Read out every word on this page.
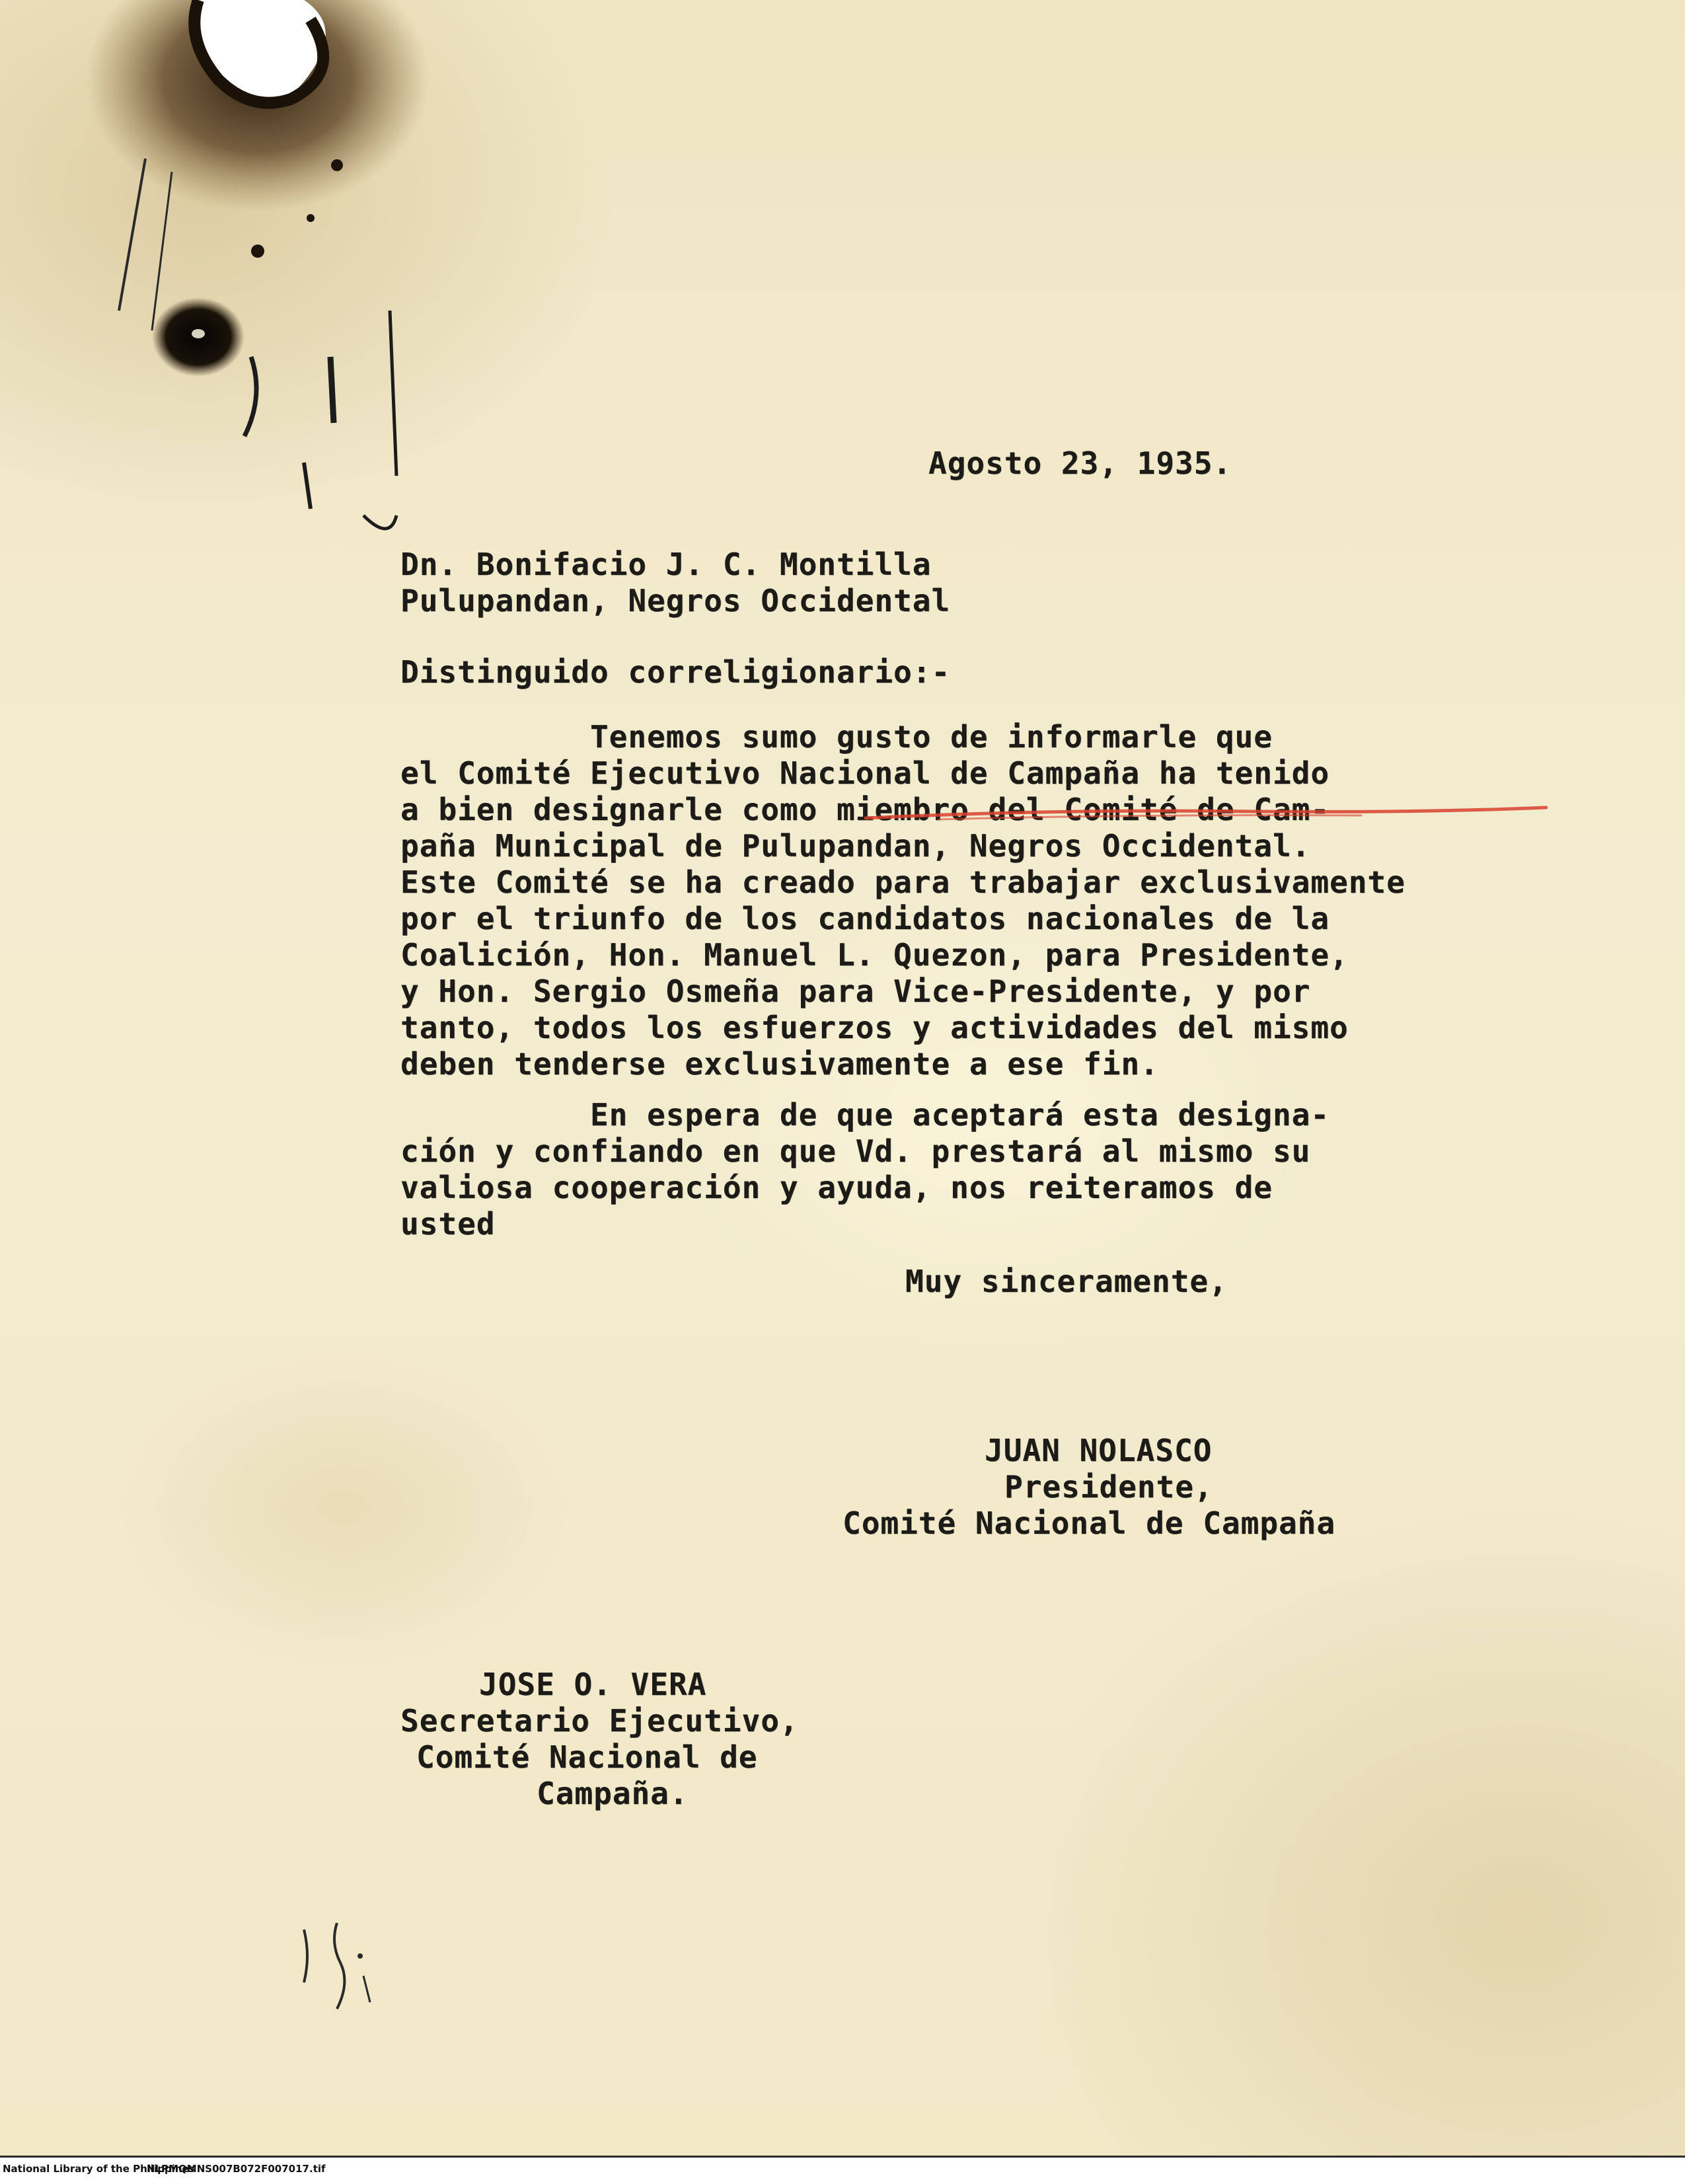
Agosto 23, 1935.
Dn. Bonifacio J. C. Montilla
Pulupandan, Negros Occidental
Distinguido correligionario:-
Tenemos sumo gusto de informarle que
el Comité Ejecutivo Nacional de Campaña ha tenido
a bien designarle como miembro del Comité de Cam-
paña Municipal de Pulupandan, Negros Occidental.
Este Comité se ha creado para trabajar exclusivamente
por el triunfo de los candidatos nacionales de la
Coalición, Hon. Manuel L. Quezon, para Presidente,
y Hon. Sergio Osmeña para Vice-Presidente, y por
tanto, todos los esfuerzos y actividades del mismo
deben tenderse exclusivamente a ese fin.
En espera de que aceptará esta designa-
ción y confiando en que Vd. prestará al mismo su
valiosa cooperación y ayuda, nos reiteramos de
usted
Muy sinceramente,
JUAN NOLASCO
Presidente,
Comité Nacional de Campaña
JOSE O. VERA
Secretario Ejecutivo,
Comité Nacional de
Campaña.
National Library of the Philippines
NLPMQMNS007B072F007017.tif
